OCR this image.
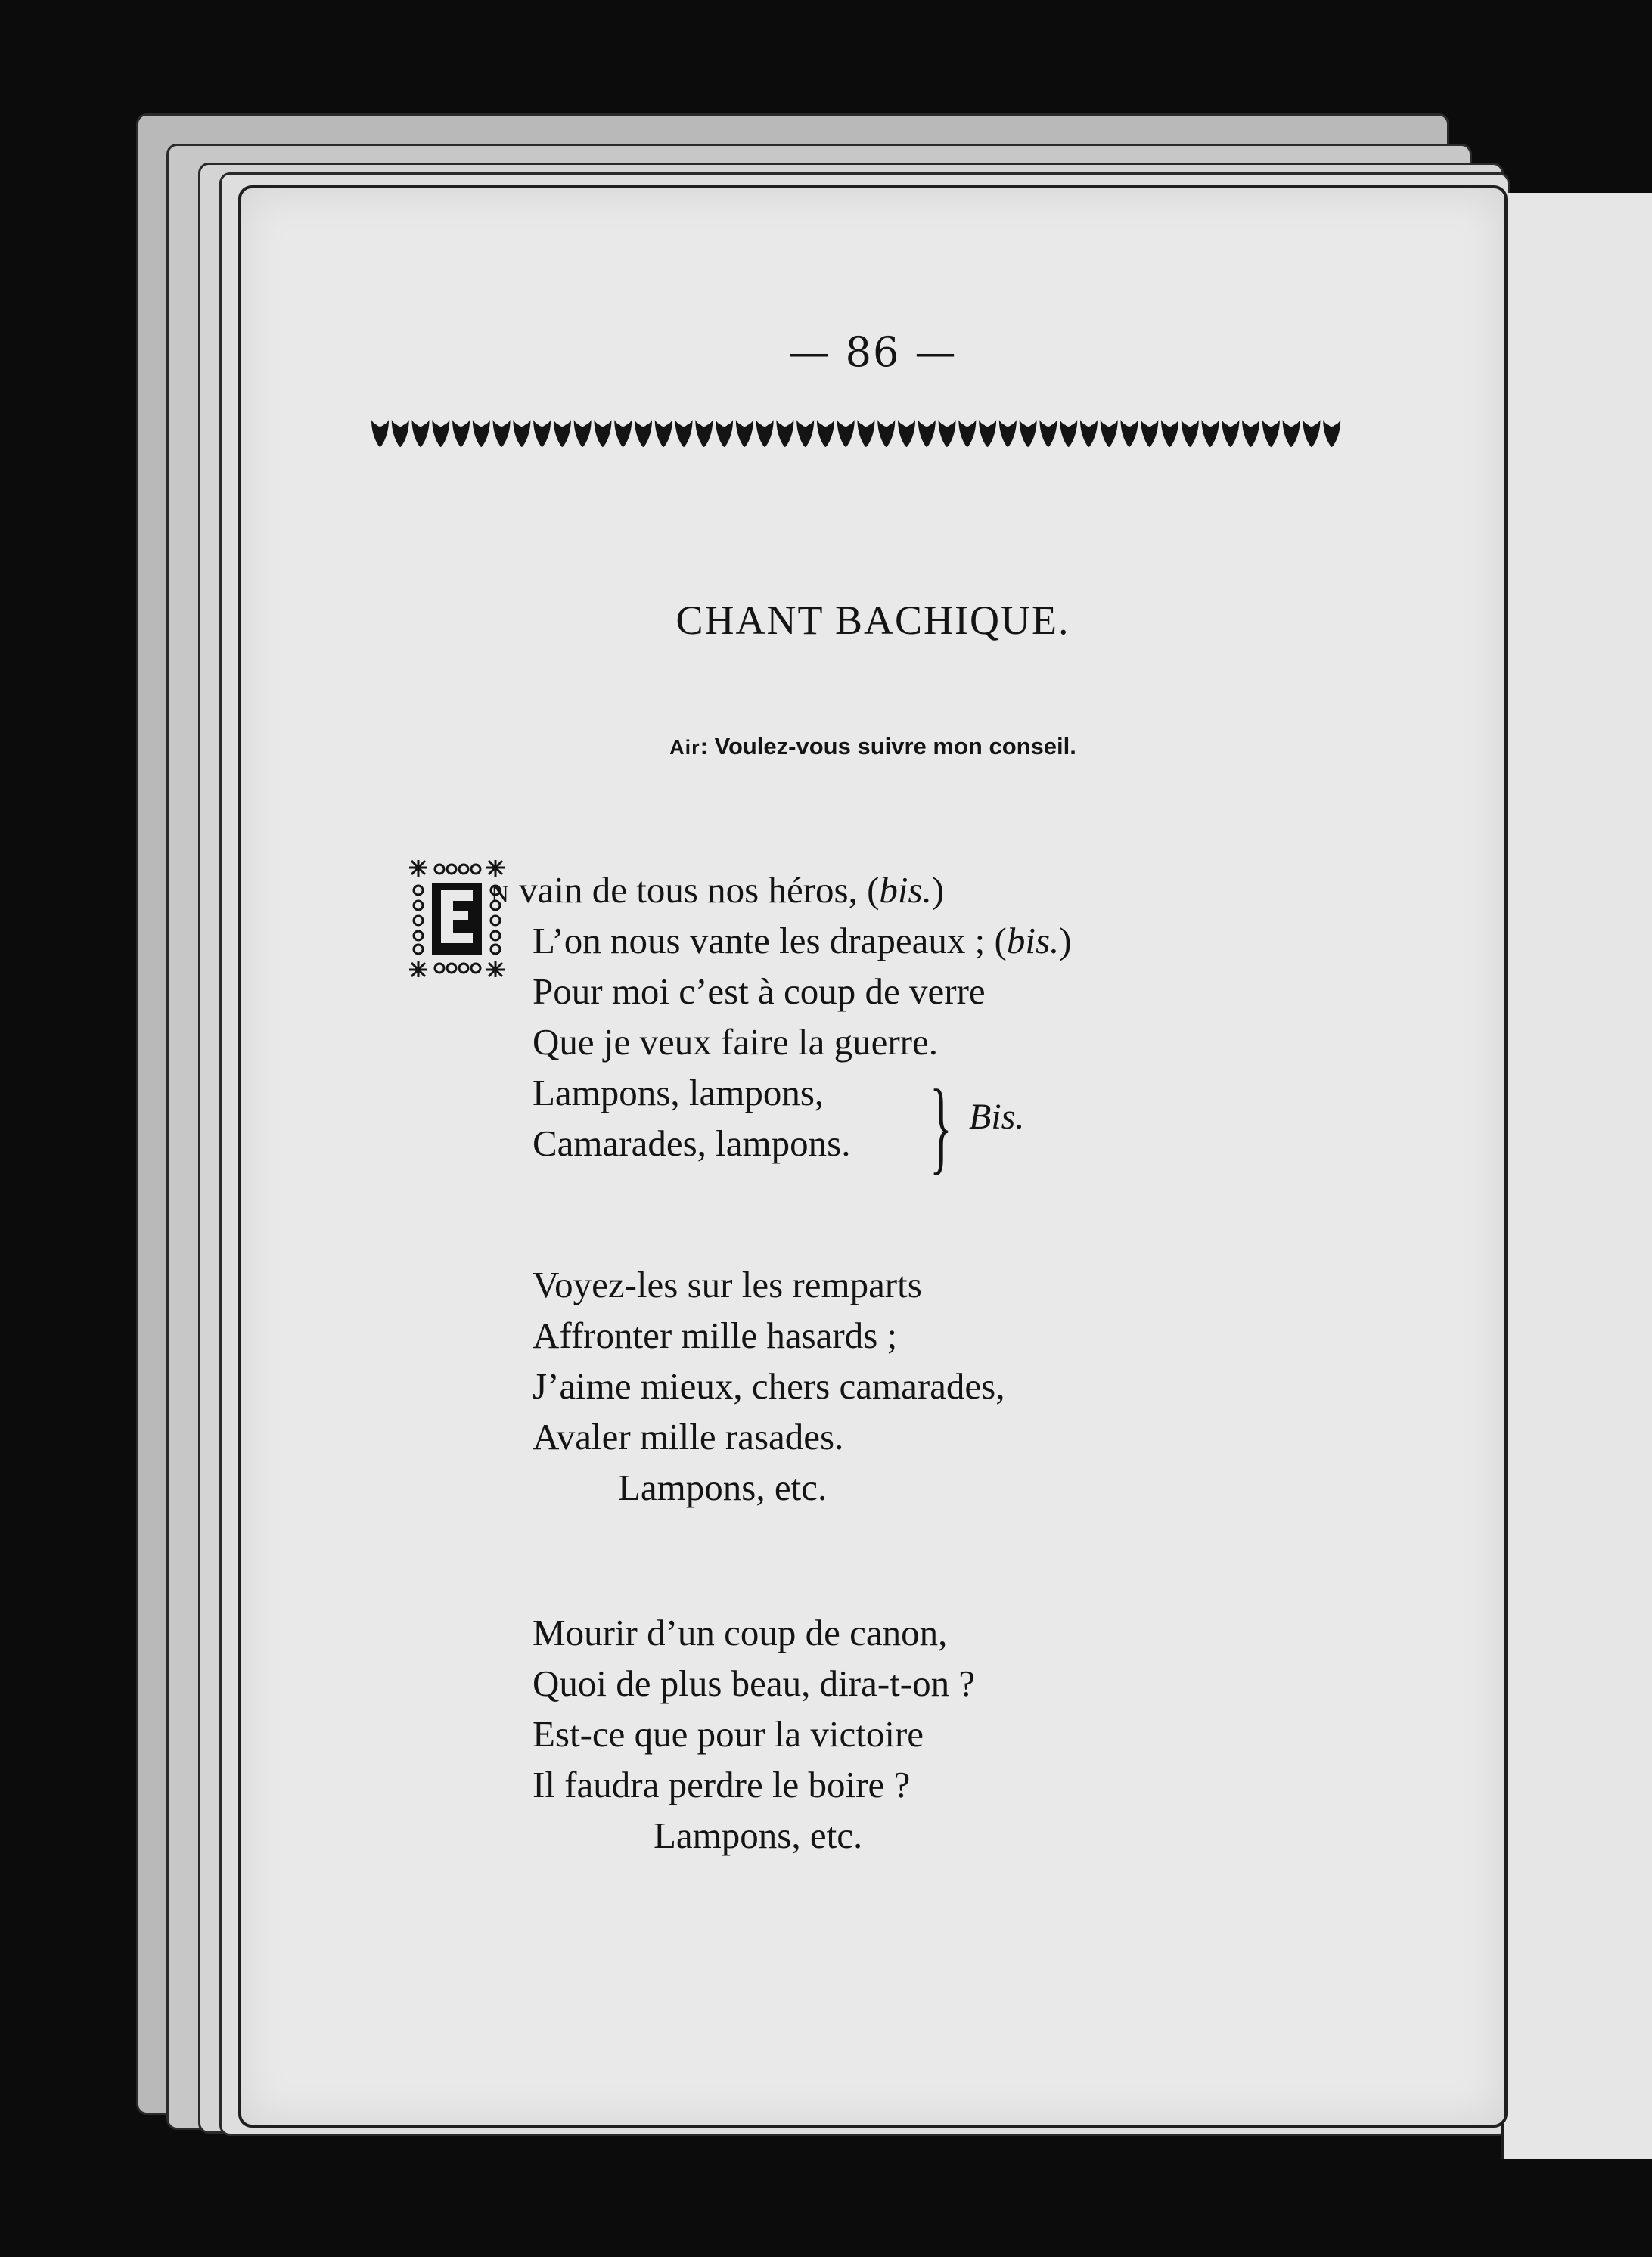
— 86 —
CHANT BACHIQUE.
Air: Voulez-vous suivre mon conseil.
N vain de tous nos héros, (bis.)
L’on nous vante les drapeaux ; (bis.)
Pour moi c’est à coup de verre
Que je veux faire la guerre.
Lampons, lampons,
Camarades, lampons. } Bis.
Voyez-les sur les remparts
Affronter mille hasards ;
J’aime mieux, chers camarades,
Avaler mille rasades.
Lampons, etc.
Mourir d’un coup de canon,
Quoi de plus beau, dira-t-on ?
Est-ce que pour la victoire
Il faudra perdre le boire ?
Lampons, etc.
